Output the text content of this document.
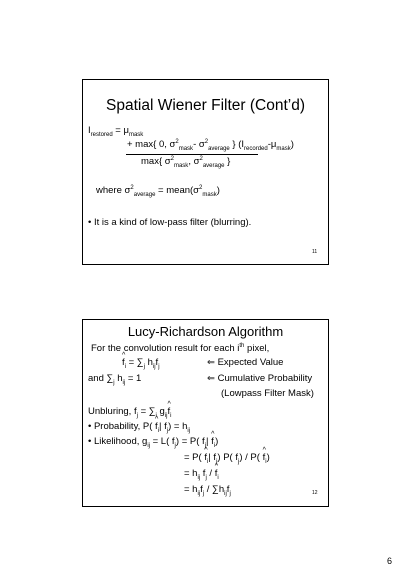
Spatial Wiener Filter (Cont’d)
$I_{restored} = \mu_{mask}$
+ max{ 0, $\sigma^2_{mask}-$ $\sigma^2_{average}$ } $(I_{recorded}-\mu_{mask})$
max{ $\sigma^2_{mask}$, $\sigma^2_{average}$ }
where $\sigma^2_{average}$ = $mean(\sigma^2_{mask})$
• It is a kind of low-pass filter (blurring).
11
Lucy-Richardson Algorithm
For the convolution result for each $i^{th}$ pixel,
^ $f_i = \sum_j$ $h_{ij}f_j$	⇐ Expected Value
and $\sum_j$ $h_{ij} = 1$	⇐ Cumulative Probability
(Lowpass Filter Mask)
Unbluring, $f_j = \sum_i$ $g_{ij}\^{}$ $f_i$
• Probability, P( ^ $f_i|$ $f_j) = h_{ij}$
• Likelihood, $g_{ij} = L$( $f_j) = P$( $f_j|$ ^ $f_i$)
= P( ^ $f_i|$ $f_j$) P( $f_j) / P$( ^ $f_i$)
= $h_{ij}$ $f_j$ / ^ $f_i$
= $h_{ij}f_j / \sum h_{ij}f_j$	12
6
